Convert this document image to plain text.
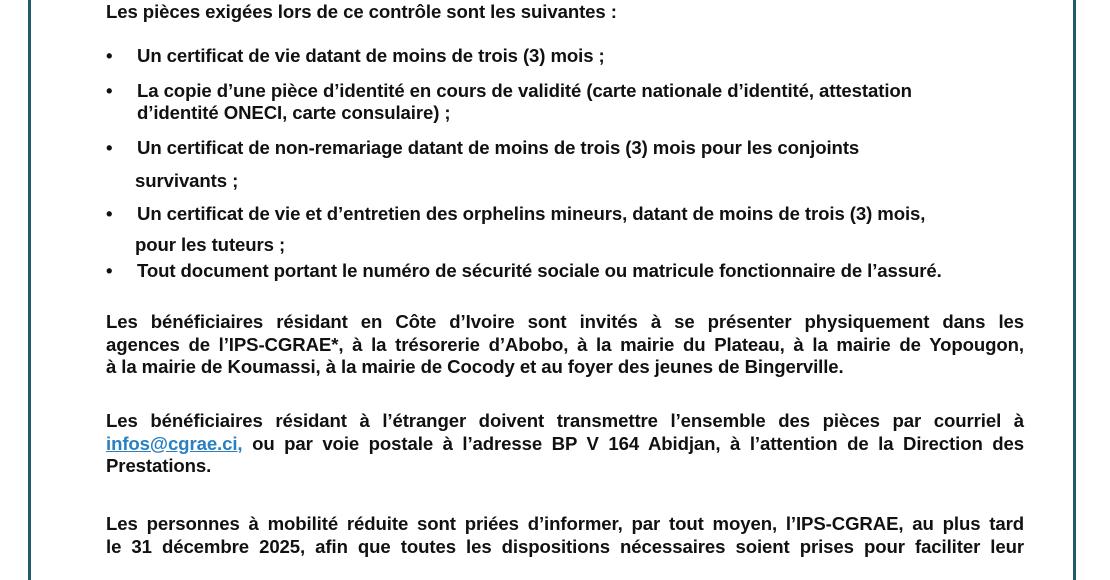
Les pièces exigées lors de ce contrôle sont les suivantes :

• Un certificat de vie datant de moins de trois (3) mois ;
• La copie d’une pièce d’identité en cours de validité (carte nationale d’identité, attestation
d’identité ONECI, carte consulaire) ;
• Un certificat de non-remariage datant de moins de trois (3) mois pour les conjoints
survivants ;
• Un certificat de vie et d’entretien des orphelins mineurs, datant de moins de trois (3) mois,
pour les tuteurs ;
• Tout document portant le numéro de sécurité sociale ou matricule fonctionnaire de l’assuré.
Les bénéficiaires résidant en Côte d’Ivoire sont invités à se présenter physiquement dans les
agences de l’IPS-CGRAE*, à la trésorerie d’Abobo, à la mairie du Plateau, à la mairie de Yopougon,
à la mairie de Koumassi, à la mairie de Cocody et au foyer des jeunes de Bingerville.
Les bénéficiaires résidant à l’étranger doivent transmettre l’ensemble des pièces par courriel à
infos@cgrae.ci, ou par voie postale à l’adresse BP V 164 Abidjan, à l’attention de la Direction des
Prestations.
Les personnes à mobilité réduite sont priées d’informer, par tout moyen, l’IPS-CGRAE, au plus tard
le 31 décembre 2025, afin que toutes les dispositions nécessaires soient prises pour faciliter leur
